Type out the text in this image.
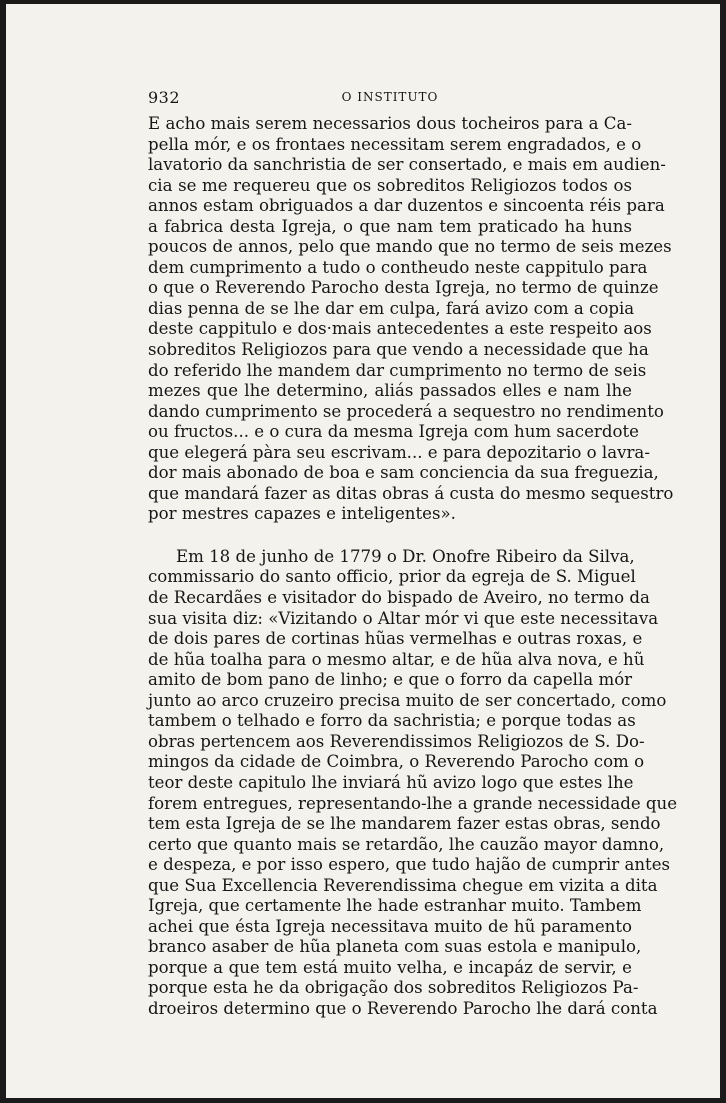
932	O INSTITUTO

E acho mais serem necessarios dous tocheiros para a Ca-
pella mór, e os frontaes necessitam serem engradados, e o
lavatorio da sanchristia de ser consertado, e mais em audien-
cia se me requereu que os sobreditos Religiozos todos os
annos estam obriguados a dar duzentos e sincoenta réis para
a fabrica desta Igreja, o que nam tem praticado ha huns
poucos de annos, pelo que mando que no termo de seis mezes
dem cumprimento a tudo o contheudo neste cappitulo para
o que o Reverendo Parocho desta Igreja, no termo de quinze
dias penna de se lhe dar em culpa, fará avizo com a copia
deste cappitulo e dos·mais antecedentes a este respeito aos
sobreditos Religiozos para que vendo a necessidade que ha
do referido lhe mandem dar cumprimento no termo de seis
mezes que lhe determino, aliás passados elles e nam lhe
dando cumprimento se procederá a sequestro no rendimento
ou fructos... e o cura da mesma Igreja com hum sacerdote
que elegerá pàra seu escrivam... e para depozitario o lavra-
dor mais abonado de boa e sam conciencia da sua freguezia,
que mandará fazer as ditas obras á custa do mesmo sequestro
por mestres capazes e inteligentes».

Em 18 de junho de 1779 o Dr. Onofre Ribeiro da Silva,
commissario do santo officio, prior da egreja de S. Miguel
de Recardães e visitador do bispado de Aveiro, no termo da
sua visita diz: «Vizitando o Altar mór vi que este necessitava
de dois pares de cortinas hũas vermelhas e outras roxas, e
de hũa toalha para o mesmo altar, e de hũa alva nova, e hũ
amito de bom pano de linho; e que o forro da capella mór
junto ao arco cruzeiro precisa muito de ser concertado, como
tambem o telhado e forro da sachristia; e porque todas as
obras pertencem aos Reverendissimos Religiozos de S. Do-
mingos da cidade de Coimbra, o Reverendo Parocho com o
teor deste capitulo lhe inviará hũ avizo logo que estes lhe
forem entregues, representando-lhe a grande necessidade que
tem esta Igreja de se lhe mandarem fazer estas obras, sendo
certo que quanto mais se retardão, lhe cauzão mayor damno,
e despeza, e por isso espero, que tudo hajão de cumprir antes
que Sua Excellencia Reverendissima chegue em vizita a dita
Igreja, que certamente lhe hade estranhar muito. Tambem
achei que ésta Igreja necessitava muito de hũ paramento
branco asaber de hũa planeta com suas estola e manipulo,
porque a que tem está muito velha, e incapáz de servir, e
porque esta he da obrigação dos sobreditos Religiozos Pa-
droeiros determino que o Reverendo Parocho lhe dará conta
